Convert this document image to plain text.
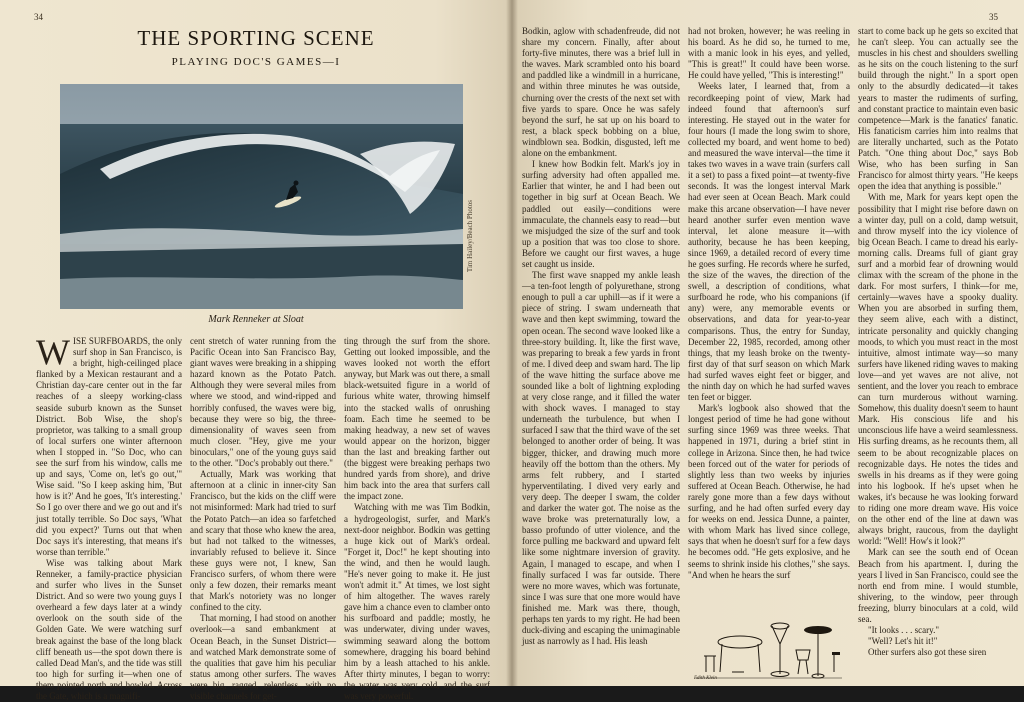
34
THE SPORTING SCENE
PLAYING DOC'S GAMES—I
Tim Hailey/Beach Photos
Mark Renneker at Sloat

WISE SURFBOARDS, the only surf shop in San Francisco, is a bright, high-ceilinged place flanked by a Mexican restaurant and a Christian day-care center out in the far reaches of a sleepy working-class seaside suburb known as the Sunset District. Bob Wise, the shop's proprietor, was talking to a small group of local surfers one winter afternoon when I stopped in. "So Doc, who can see the surf from his window, calls me up and says, 'Come on, let's go out,'" Wise said. "So I keep asking him, 'But how is it?' And he goes, 'It's interesting.' So I go over there and we go out and it's just totally terrible. So Doc says, 'What did you expect?' Turns out that when Doc says it's interesting, that means it's worse than terrible."

Wise was talking about Mark Renneker, a family-practice physician and surfer who lives in the Sunset District. And so were two young guys I overheard a few days later at a windy overlook on the south side of the Golden Gate. We were watching surf break against the base of the long black cliff beneath us—the spot down there is called Dead Man's, and the tide was still too high for surfing it—when one of them pointed north and howled. Across the Gate, which is a magnifi-

cent stretch of water running from the Pacific Ocean into San Francisco Bay, giant waves were breaking in a shipping hazard known as the Potato Patch. Although they were several miles from where we stood, and wind-ripped and horribly confused, the waves were big, because they were so big, the three-dimensionality of waves seen from much closer. "Hey, give me your binoculars," one of the young guys said to the other. "Doc's probably out there."

Actually, Mark was working that afternoon at a clinic in inner-city San Francisco, but the kids on the cliff were not misinformed: Mark had tried to surf the Potato Patch—an idea so farfetched and scary that those who knew the area, but had not talked to the witnesses, invariably refused to believe it. Since these guys were not, I knew, San Francisco surfers, of whom there were only a few dozen, their remarks meant that Mark's notoriety was no longer confined to the city.

That morning, I had stood on another overlook—a sand embankment at Ocean Beach, in the Sunset District—and watched Mark demonstrate some of the qualities that gave him his peculiar status among other surfers. The waves were big, ragged, relentless, with no visible channels for get-

ting through the surf from the shore. Getting out looked impossible, and the waves looked not worth the effort anyway, but Mark was out there, a small black-wetsuited figure in a world of furious white water, throwing himself into the stacked walls of onrushing foam. Each time he seemed to be making headway, a new set of waves would appear on the horizon, bigger than the last and breaking farther out (the biggest were breaking perhaps two hundred yards from shore), and drive him back into the area that surfers call the impact zone.

Watching with me was Tim Bodkin, a hydrogeologist, surfer, and Mark's next-door neighbor. Bodkin was getting a huge kick out of Mark's ordeal. "Forget it, Doc!" he kept shouting into the wind, and then he would laugh. "He's never going to make it. He just won't admit it." At times, we lost sight of him altogether. The waves rarely gave him a chance even to clamber onto his surfboard and paddle; mostly, he was underwater, diving under waves, swimming seaward along the bottom somewhere, dragging his board behind him by a leash attached to his ankle. After thirty minutes, I began to worry: the water was very cold, and the surf was very powerful.

35

Bodkin, aglow with schadenfreude, did not share my concern. Finally, after about forty-five minutes, there was a brief lull in the waves. Mark scrambled onto his board and paddled like a windmill in a hurricane, and within three minutes he was outside, churning over the crests of the next set with five yards to spare. Once he was safely beyond the surf, he sat up on his board to rest, a black speck bobbing on a blue, windblown sea. Bodkin, disgusted, left me alone on the embankment.

I knew how Bodkin felt. Mark's joy in surfing adversity had often appalled me. Earlier that winter, he and I had been out together in big surf at Ocean Beach. We paddled out easily—conditions were immaculate, the channels easy to read—but we misjudged the size of the surf and took up a position that was too close to shore. Before we caught our first waves, a huge set caught us inside.

The first wave snapped my ankle leash—a ten-foot length of polyurethane, strong enough to pull a car uphill—as if it were a piece of string. I swam underneath that wave and then kept swimming, toward the open ocean. The second wave looked like a three-story building. It, like the first wave, was preparing to break a few yards in front of me. I dived deep and swam hard. The lip of the wave hitting the surface above me sounded like a bolt of lightning exploding at very close range, and it filled the water with shock waves. I managed to stay underneath the turbulence, but when I surfaced I saw that the third wave of the set belonged to another order of being. It was bigger, thicker, and drawing much more heavily off the bottom than the others. My arms felt rubbery, and I started hyperventilating. I dived very early and very deep. The deeper I swam, the colder and darker the water got. The noise as the wave broke was preternaturally low, a basso profundo of utter violence, and the force pulling me backward and upward felt like some nightmare inversion of gravity. Again, I managed to escape, and when I finally surfaced I was far outside. There were no more waves, which was fortunate, since I was sure that one more would have finished me. Mark was there, though, perhaps ten yards to my right. He had been duck-diving and escaping the unimaginable just as narrowly as I had. His leash

had not broken, however; he was reeling in his board. As he did so, he turned to me, with a manic look in his eyes, and yelled, "This is great!" It could have been worse. He could have yelled, "This is interesting!"

Weeks later, I learned that, from a recordkeeping point of view, Mark had indeed found that afternoon's surf interesting. He stayed out in the water for four hours (I made the long swim to shore, collected my board, and went home to bed) and measured the wave interval—the time it takes two waves in a wave train (surfers call it a set) to pass a fixed point—at twenty-five seconds. It was the longest interval Mark had ever seen at Ocean Beach. Mark could make this arcane observation—I have never heard another surfer even mention wave interval, let alone measure it—with authority, because he has been keeping, since 1969, a detailed record of every time he goes surfing. He records where he surfed, the size of the waves, the direction of the swell, a description of conditions, what surfboard he rode, who his companions (if any) were, any memorable events or observations, and data for year-to-year comparisons. Thus, the entry for Sunday, December 22, 1985, recorded, among other things, that my leash broke on the twenty-first day of that surf season on which Mark had surfed waves eight feet or bigger, and the ninth day on which he had surfed waves ten feet or bigger.

Mark's logbook also showed that the longest period of time he had gone without surfing since 1969 was three weeks. That happened in 1971, during a brief stint in college in Arizona. Since then, he had twice been forced out of the water for periods of slightly less than two weeks by injuries suffered at Ocean Beach. Otherwise, he had rarely gone more than a few days without surfing, and he had often surfed every day for weeks on end. Jessica Dunne, a painter, with whom Mark has lived since college, says that when he doesn't surf for a few days he becomes odd. "He gets explosive, and he seems to shrink inside his clothes," she says. "And when he hears the surf

Edith Klein

start to come back up he gets so excited that he can't sleep. You can actually see the muscles in his chest and shoulders swelling as he sits on the couch listening to the surf build through the night." In a sport open only to the absurdly dedicated—it takes years to master the rudiments of surfing, and constant practice to maintain even basic competence—Mark is the fanatics' fanatic. His fanaticism carries him into realms that are literally uncharted, such as the Potato Patch. "One thing about Doc," says Bob Wise, who has been surfing in San Francisco for almost thirty years. "He keeps open the idea that anything is possible."

With me, Mark for years kept open the possibility that I might rise before dawn on a winter day, pull on a cold, damp wetsuit, and throw myself into the icy violence of big Ocean Beach. I came to dread his early-morning calls. Dreams full of giant gray surf and a morbid fear of drowning would climax with the scream of the phone in the dark. For most surfers, I think—for me, certainly—waves have a spooky duality. When you are absorbed in surfing them, they seem alive, each with a distinct, intricate personality and quickly changing moods, to which you must react in the most intuitive, almost intimate way—so many surfers have likened riding waves to making love—and yet waves are not alive, not sentient, and the lover you reach to embrace can turn murderous without warning. Somehow, this duality doesn't seem to haunt Mark. His conscious life and his unconscious life have a weird seamlessness. His surfing dreams, as he recounts them, all seem to be about recognizable places on recognizable days. He notes the tides and swells in his dreams as if they were going into his logbook. If he's upset when he wakes, it's because he was looking forward to riding one more dream wave. His voice on the other end of the line at dawn was always bright, raucous, from the daylight world: "Well! How's it look?"

Mark can see the south end of Ocean Beach from his apartment. I, during the years I lived in San Francisco, could see the north end from mine. I would stumble, shivering, to the window, peer through freezing, blurry binoculars at a cold, wild sea.

"It looks . . . scary."

"Well? Let's hit it!"

Other surfers also got these siren
